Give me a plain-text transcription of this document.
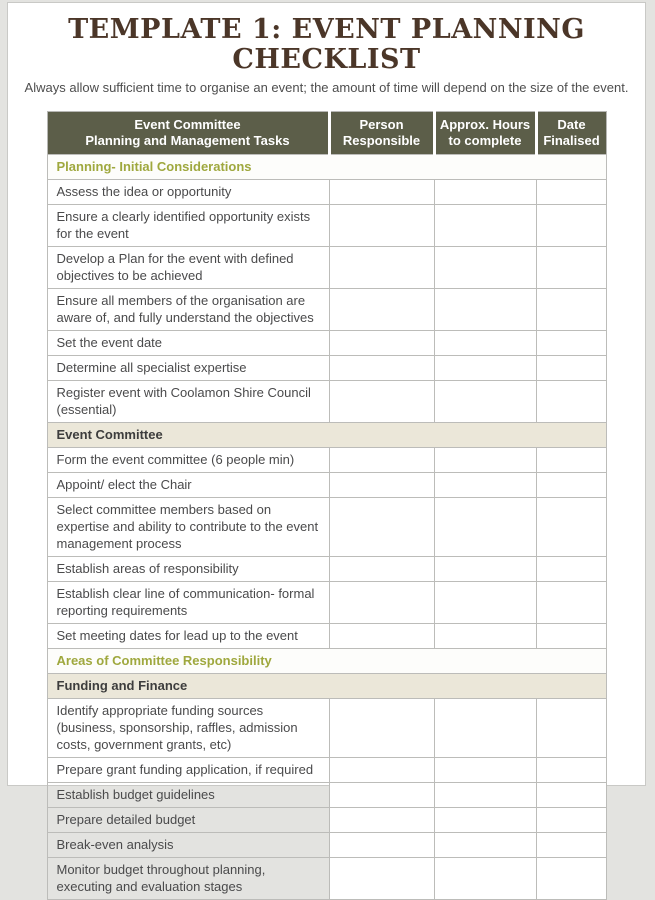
TEMPLATE 1: EVENT PLANNING CHECKLIST
Always allow sufficient time to organise an event; the amount of time will depend on the size of the event.
Event Committee
Planning and Management Tasks

Person
Responsible

Approx. Hours
to complete

Date
Finalised

Planning- Initial Considerations			
Assess the idea or opportunity			
Ensure a clearly identified opportunity exists for the event			
Develop a Plan for the event with defined objectives to be achieved			
Ensure all members of the organisation are aware of, and fully understand the objectives			
Set the event date			
Determine all specialist expertise			
Register event with Coolamon Shire Council (essential)			
Event Committee			
Form the event committee (6 people min)			
Appoint/ elect the Chair			
Select committee members based on expertise and ability to contribute to the event management process			
Establish areas of responsibility			
Establish clear line of communication- formal reporting requirements			
Set meeting dates for lead up to the event			
Areas of Committee Responsibility			
Funding and Finance			
Identify appropriate funding sources (business, sponsorship, raffles, admission costs, government grants, etc)			
Prepare grant funding application, if required			
Establish budget guidelines			
Prepare detailed budget			
Break-even analysis			
Monitor budget throughout planning, executing and evaluation stages			
